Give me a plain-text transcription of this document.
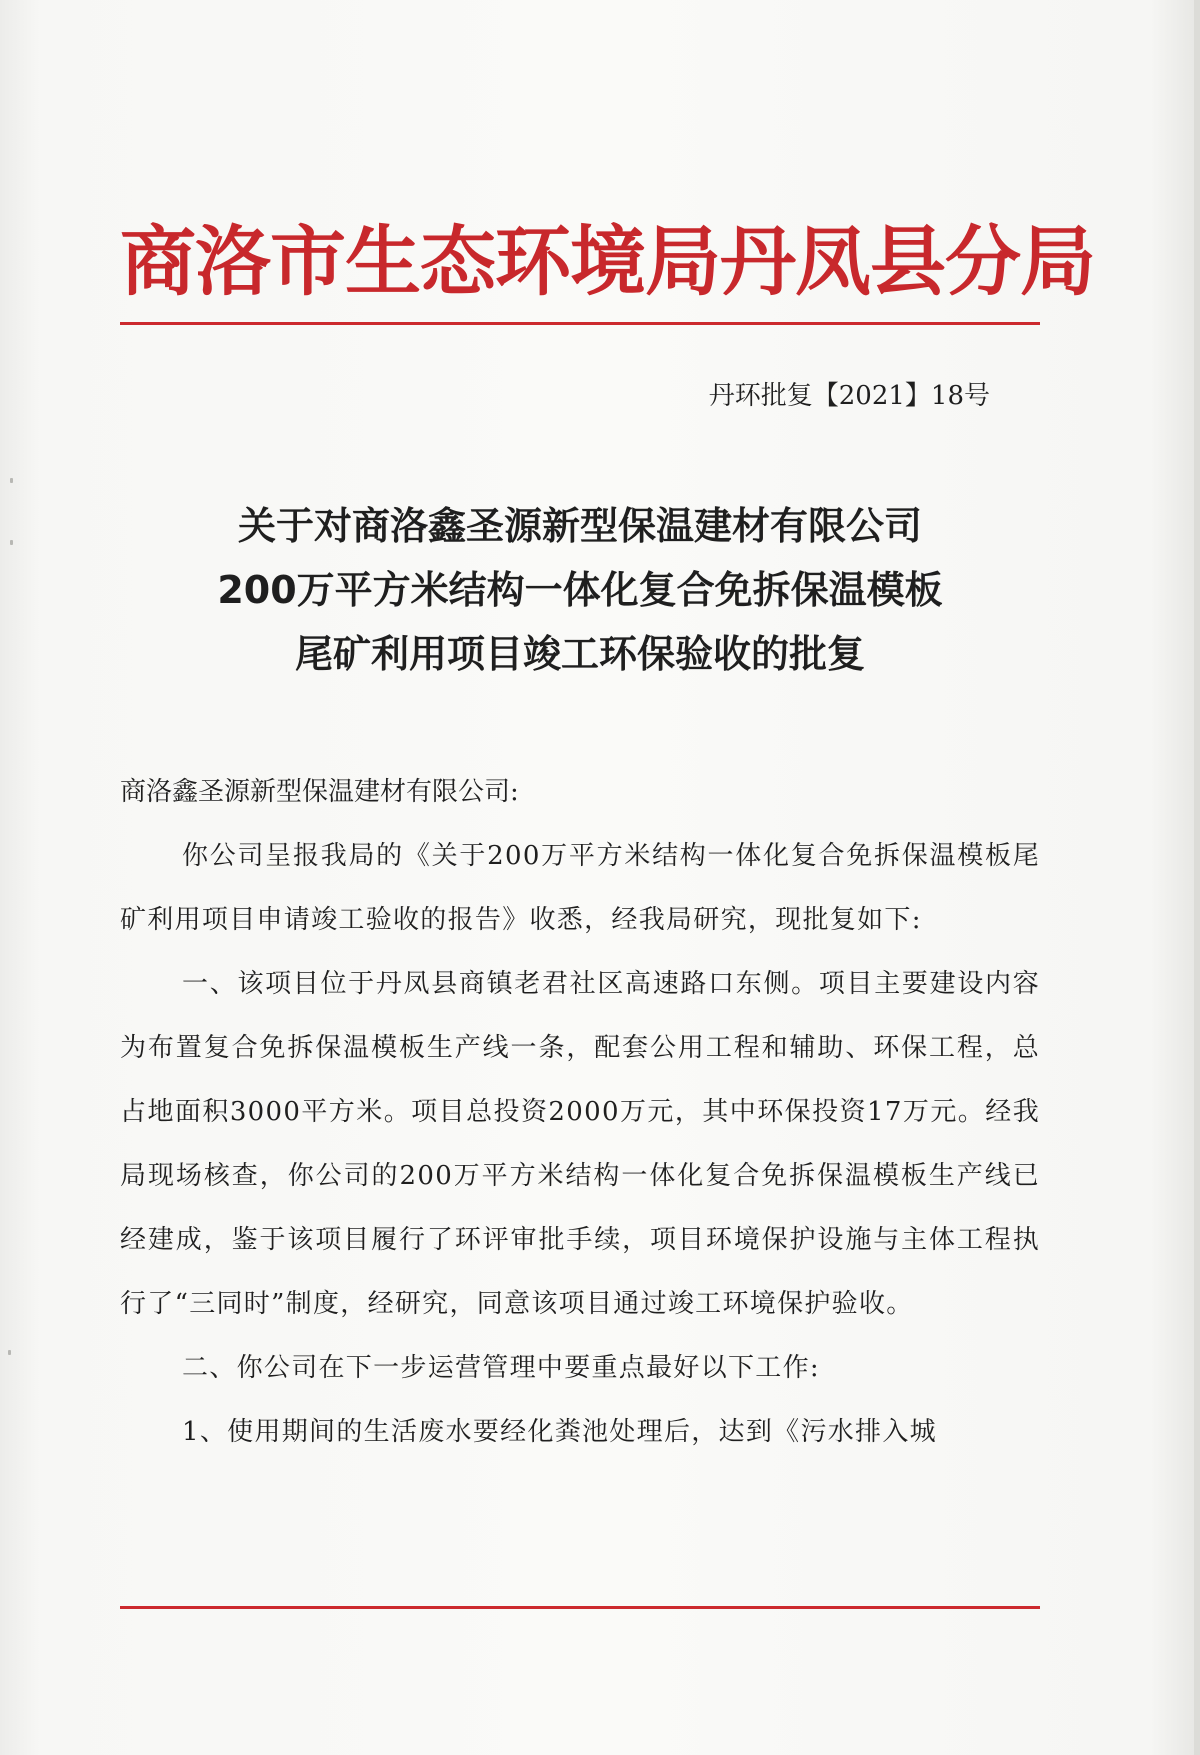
商洛市生态环境局丹凤县分局
丹环批复【2021】18号
关于对商洛鑫圣源新型保温建材有限公司
200万平方米结构一体化复合免拆保温模板
尾矿利用项目竣工环保验收的批复
商洛鑫圣源新型保温建材有限公司:

你公司呈报我局的《关于200万平方米结构一体化复合免拆保温模板尾矿利用项目申请竣工验收的报告》收悉，经我局研究，现批复如下:

一、该项目位于丹凤县商镇老君社区高速路口东侧。项目主要建设内容为布置复合免拆保温模板生产线一条，配套公用工程和辅助、环保工程，总占地面积3000平方米。项目总投资2000万元，其中环保投资17万元。经我局现场核查，你公司的200万平方米结构一体化复合免拆保温模板生产线已经建成，鉴于该项目履行了环评审批手续，项目环境保护设施与主体工程执行了“三同时”制度，经研究，同意该项目通过竣工环境保护验收。

二、你公司在下一步运营管理中要重点最好以下工作:

1、使用期间的生活废水要经化粪池处理后，达到《污水排入城
